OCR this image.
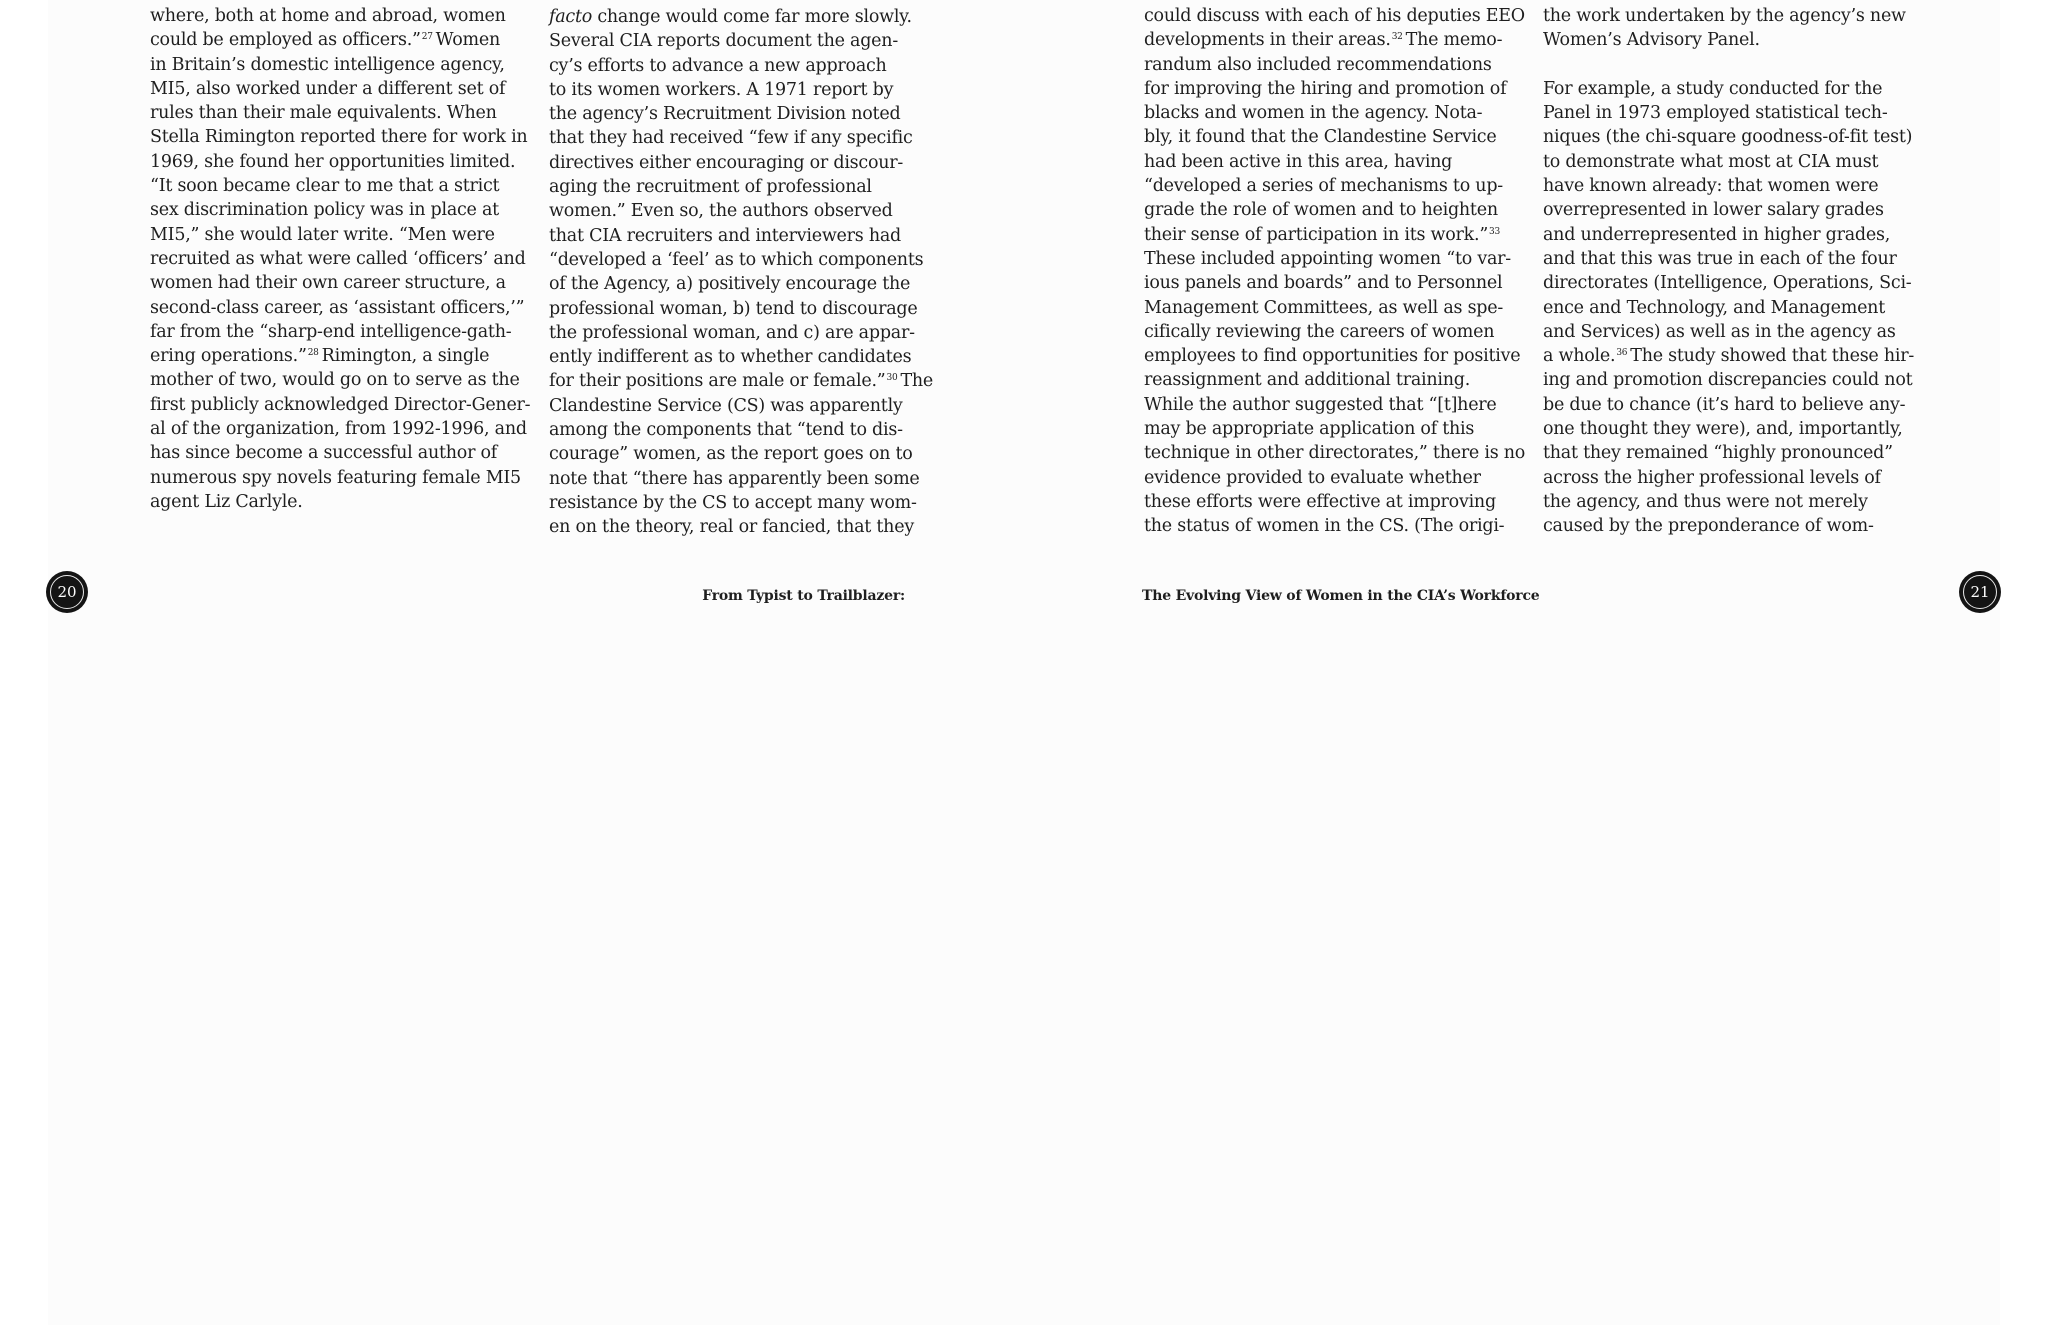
where, both at home and abroad, women
could be employed as officers.”$^{27}$ Women
in Britain’s domestic intelligence agency,
MI5, also worked under a different set of
rules than their male equivalents. When
Stella Rimington reported there for work in
1969, she found her opportunities limited.
“It soon became clear to me that a strict
sex discrimination policy was in place at
MI5,” she would later write. “Men were
recruited as what were called ‘officers’ and
women had their own career structure, a
second-class career, as ‘assistant officers,’”
far from the “sharp-end intelligence-gath-
ering operations.”$^{28}$ Rimington, a single
mother of two, would go on to serve as the
first publicly acknowledged Director-Gener-
al of the organization, from 1992-1996, and
has since become a successful author of
numerous spy novels featuring female MI5
agent Liz Carlyle.
facto change would come far more slowly.
Several CIA reports document the agen-
cy’s efforts to advance a new approach
to its women workers. A 1971 report by
the agency’s Recruitment Division noted
that they had received “few if any specific
directives either encouraging or discour-
aging the recruitment of professional
women.” Even so, the authors observed
that CIA recruiters and interviewers had
“developed a ‘feel’ as to which components
of the Agency, a) positively encourage the
professional woman, b) tend to discourage
the professional woman, and c) are appar-
ently indifferent as to whether candidates
for their positions are male or female.”$^{30}$ The
Clandestine Service (CS) was apparently
among the components that “tend to dis-
courage” women, as the report goes on to
note that “there has apparently been some
resistance by the CS to accept many wom-
en on the theory, real or fancied, that they
could discuss with each of his deputies EEO
developments in their areas.$^{32}$ The memo-
randum also included recommendations
for improving the hiring and promotion of
blacks and women in the agency. Nota-
bly, it found that the Clandestine Service
had been active in this area, having
“developed a series of mechanisms to up-
grade the role of women and to heighten
their sense of participation in its work.”$^{33}$
These included appointing women “to var-
ious panels and boards” and to Personnel
Management Committees, as well as spe-
cifically reviewing the careers of women
employees to find opportunities for positive
reassignment and additional training.
While the author suggested that “[t]here
may be appropriate application of this
technique in other directorates,” there is no
evidence provided to evaluate whether
these efforts were effective at improving
the status of women in the CS. (The origi-
the work undertaken by the agency’s new
Women’s Advisory Panel.
For example, a study conducted for the
Panel in 1973 employed statistical tech-
niques (the chi-square goodness-of-fit test)
to demonstrate what most at CIA must
have known already: that women were
overrepresented in lower salary grades
and underrepresented in higher grades,
and that this was true in each of the four
directorates (Intelligence, Operations, Sci-
ence and Technology, and Management
and Services) as well as in the agency as
a whole.$^{36}$ The study showed that these hir-
ing and promotion discrepancies could not
be due to chance (it’s hard to believe any-
one thought they were), and, importantly,
that they remained “highly pronounced”
across the higher professional levels of
the agency, and thus were not merely
caused by the preponderance of wom-
20	From Typist to Trailblazer:	The Evolving View of Women in the CIA’s Workforce	21
